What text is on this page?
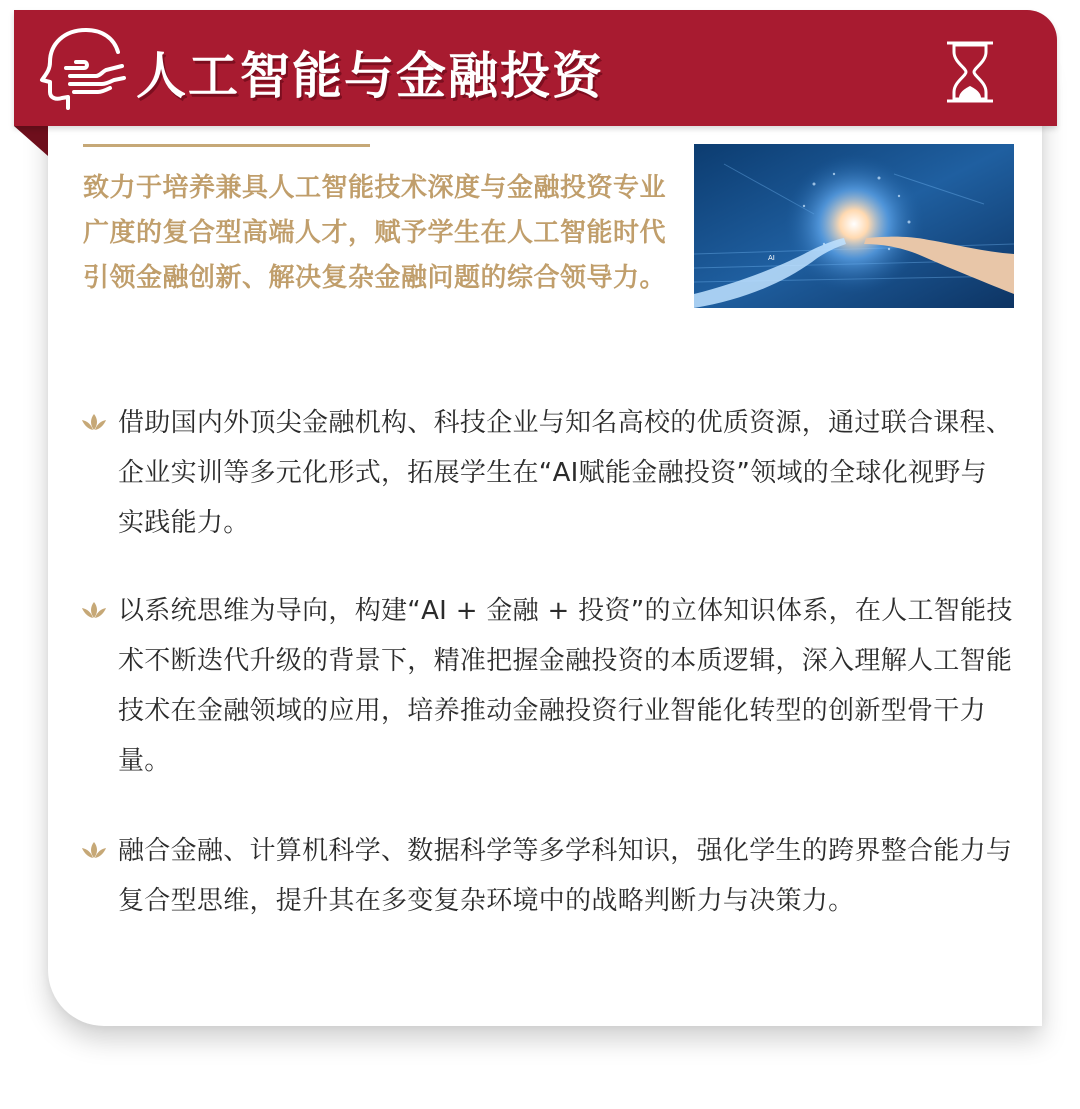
人工智能与金融投资

致力于培养兼具人工智能技术深度与金融投资专业广度的复合型高端人才，赋予学生在人工智能时代引领金融创新、解决复杂金融问题的综合领导力。

AI

借助国内外顶尖金融机构、科技企业与知名高校的优质资源，通过联合课程、企业实训等多元化形式，拓展学生在“AI赋能金融投资”领域的全球化视野与实践能力。

以系统思维为导向，构建“AI + 金融 + 投资”的立体知识体系，在人工智能技术不断迭代升级的背景下，精准把握金融投资的本质逻辑，深入理解人工智能技术在金融领域的应用，培养推动金融投资行业智能化转型的创新型骨干力量。

融合金融、计算机科学、数据科学等多学科知识，强化学生的跨界整合能力与复合型思维，提升其在多变复杂环境中的战略判断力与决策力。
